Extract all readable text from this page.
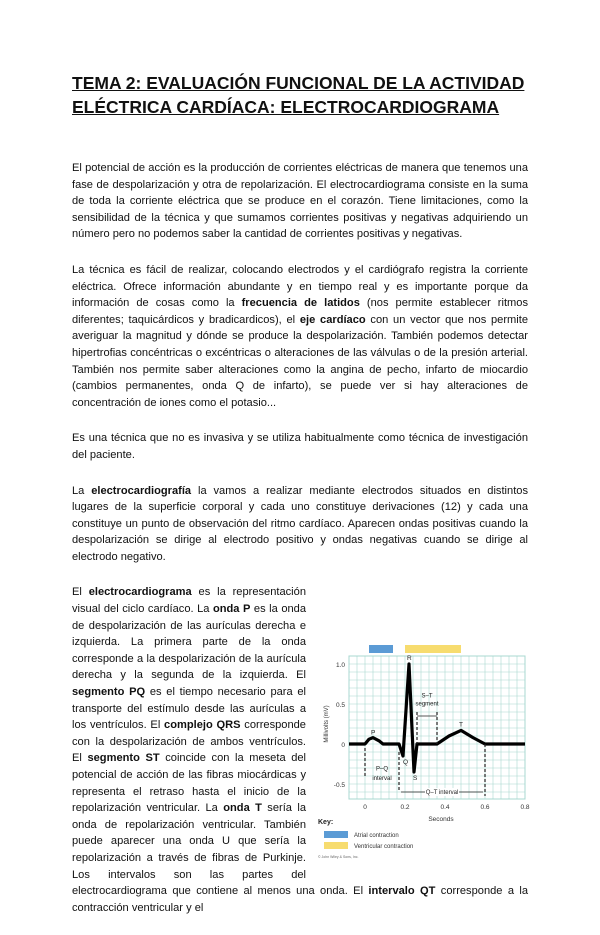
TEMA 2: EVALUACIÓN FUNCIONAL DE LA ACTIVIDAD ELÉCTRICA CARDÍACA: ELECTROCARDIOGRAMA

El potencial de acción es la producción de corrientes eléctricas de manera que tenemos una fase de despolarización y otra de repolarización. El electrocardiograma consiste en la suma de toda la corriente eléctrica que se produce en el corazón. Tiene limitaciones, como la sensibilidad de la técnica y que sumamos corrientes positivas y negativas adquiriendo un número pero no podemos saber la cantidad de corrientes positivas y negativas.

La técnica es fácil de realizar, colocando electrodos y el cardiógrafo registra la corriente eléctrica. Ofrece información abundante y en tiempo real y es importante porque da información de cosas como la frecuencia de latidos (nos permite establecer ritmos diferentes; taquicárdicos y bradicardicos), el eje cardíaco con un vector que nos permite averiguar la magnitud y dónde se produce la despolarización. También podemos detectar hipertrofias concéntricas o excéntricas o alteraciones de las válvulas o de la presión arterial. También nos permite saber alteraciones como la angina de pecho, infarto de miocardio (cambios permanentes, onda Q de infarto), se puede ver si hay alteraciones de concentración de iones como el potasio...

Es una técnica que no es invasiva y se utiliza habitualmente como técnica de investigación del paciente.

La electrocardiografía la vamos a realizar mediante electrodos situados en distintos lugares de la superficie corporal y cada uno constituye derivaciones (12) y cada una constituye un punto de observación del ritmo cardíaco. Aparecen ondas positivas cuando la despolarización se dirige al electrodo positivo y ondas negativas cuando se dirige al electrodo negativo.

1.0
0.5
0
-0.5
0	0.2	0.4	0.6	0.8
Seconds
Millivolts (mV)	P
Q
R
S
T
S–T
segment
P–Q
interval
Q–T interval
Key:
Atrial contraction
Ventricular contraction
© John Wiley & Sons, Inc.
El electrocardiograma es la representación visual del ciclo cardíaco. La onda P es la onda de despolarización de las aurículas derecha e izquierda. La primera parte de la onda corresponde a la despolarización de la aurícula derecha y la segunda de la izquierda. El segmento PQ es el tiempo necesario para el transporte del estímulo desde las aurículas a los ventrículos. El complejo QRS corresponde con la despolarización de ambos ventrículos. El segmento ST coincide con la meseta del potencial de acción de las fibras miocárdicas y representa el retraso hasta el inicio de la repolarización ventricular. La onda T sería la onda de repolarización ventricular. También puede aparecer una onda U que sería la repolarización a través de fibras de Purkinje. Los intervalos son las partes del electrocardiograma que contiene al menos una onda. El intervalo QT corresponde a la contracción ventricular y el
